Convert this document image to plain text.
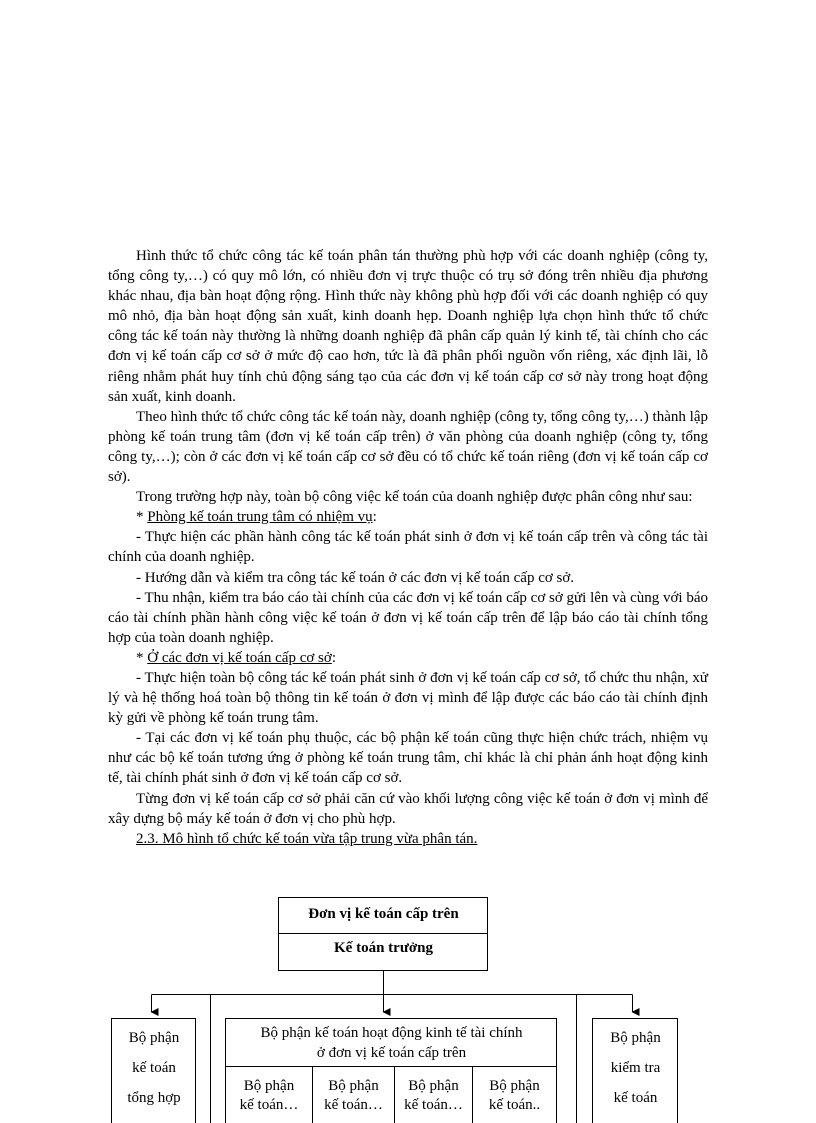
Hình thức tổ chức công tác kế toán phân tán thường phù hợp với các doanh nghiệp (công ty, tổng công ty,…) có quy mô lớn, có nhiều đơn vị trực thuộc có trụ sở đóng trên nhiều địa phương khác nhau, địa bàn hoạt động rộng. Hình thức này không phù hợp đối với các doanh nghiệp có quy mô nhỏ, địa bàn hoạt động sản xuất, kinh doanh hẹp. Doanh nghiệp lựa chọn hình thức tổ chức công tác kế toán này thường là những doanh nghiệp đã phân cấp quản lý kinh tế, tài chính cho các đơn vị kế toán cấp cơ sở ở mức độ cao hơn, tức là đã phân phối nguồn vốn riêng, xác định lãi, lỗ riêng nhằm phát huy tính chủ động sáng tạo của các đơn vị kế toán cấp cơ sở này trong hoạt động sản xuất, kinh doanh.

Theo hình thức tổ chức công tác kế toán này, doanh nghiệp (công ty, tổng công ty,…) thành lập phòng kế toán trung tâm (đơn vị kế toán cấp trên) ở văn phòng của doanh nghiệp (công ty, tổng công ty,…); còn ở các đơn vị kế toán cấp cơ sở đều có tổ chức kế toán riêng (đơn vị kế toán cấp cơ sở).

Trong trường hợp này, toàn bộ công việc kế toán của doanh nghiệp được phân công như sau:

* Phòng kế toán trung tâm có nhiệm vụ:

- Thực hiện các phần hành công tác kế toán phát sinh ở đơn vị kế toán cấp trên và công tác tài chính của doanh nghiệp.

- Hướng dẫn và kiểm tra công tác kế toán ở các đơn vị kế toán cấp cơ sở.

- Thu nhận, kiểm tra báo cáo tài chính của các đơn vị kế toán cấp cơ sở gửi lên và cùng với báo cáo tài chính phần hành công việc kế toán ở đơn vị kế toán cấp trên để lập báo cáo tài chính tổng hợp của toàn doanh nghiệp.

* Ở các đơn vị kế toán cấp cơ sở:

- Thực hiện toàn bộ công tác kế toán phát sinh ở đơn vị kế toán cấp cơ sở, tổ chức thu nhận, xử lý và hệ thống hoá toàn bộ thông tin kế toán ở đơn vị mình để lập được các báo cáo tài chính định kỳ gửi về phòng kế toán trung tâm.

- Tại các đơn vị kế toán phụ thuộc, các bộ phận kế toán cũng thực hiện chức trách, nhiệm vụ như các bộ kế toán tương ứng ở phòng kế toán trung tâm, chỉ khác là chỉ phản ánh hoạt động kinh tế, tài chính phát sinh ở đơn vị kế toán cấp cơ sở.

Từng đơn vị kế toán cấp cơ sở phải căn cứ vào khối lượng công việc kế toán ở đơn vị mình để xây dựng bộ máy kế toán ở đơn vị cho phù hợp.

2.3. Mô hình tổ chức kế toán vừa tập trung vừa phân tán.

Đơn vị kế toán cấp trên
Kế toán trưởng
Bộ phận
kế toán
tổng hợp
Bộ phận kế toán hoạt động kinh tế tài chính
ở đơn vị kế toán cấp trên
Bộ phận
kế toán…
Bộ phận
kế toán…
Bộ phận
kế toán…
Bộ phận
kế toán..
Bộ phận
kiểm tra
kế toán
